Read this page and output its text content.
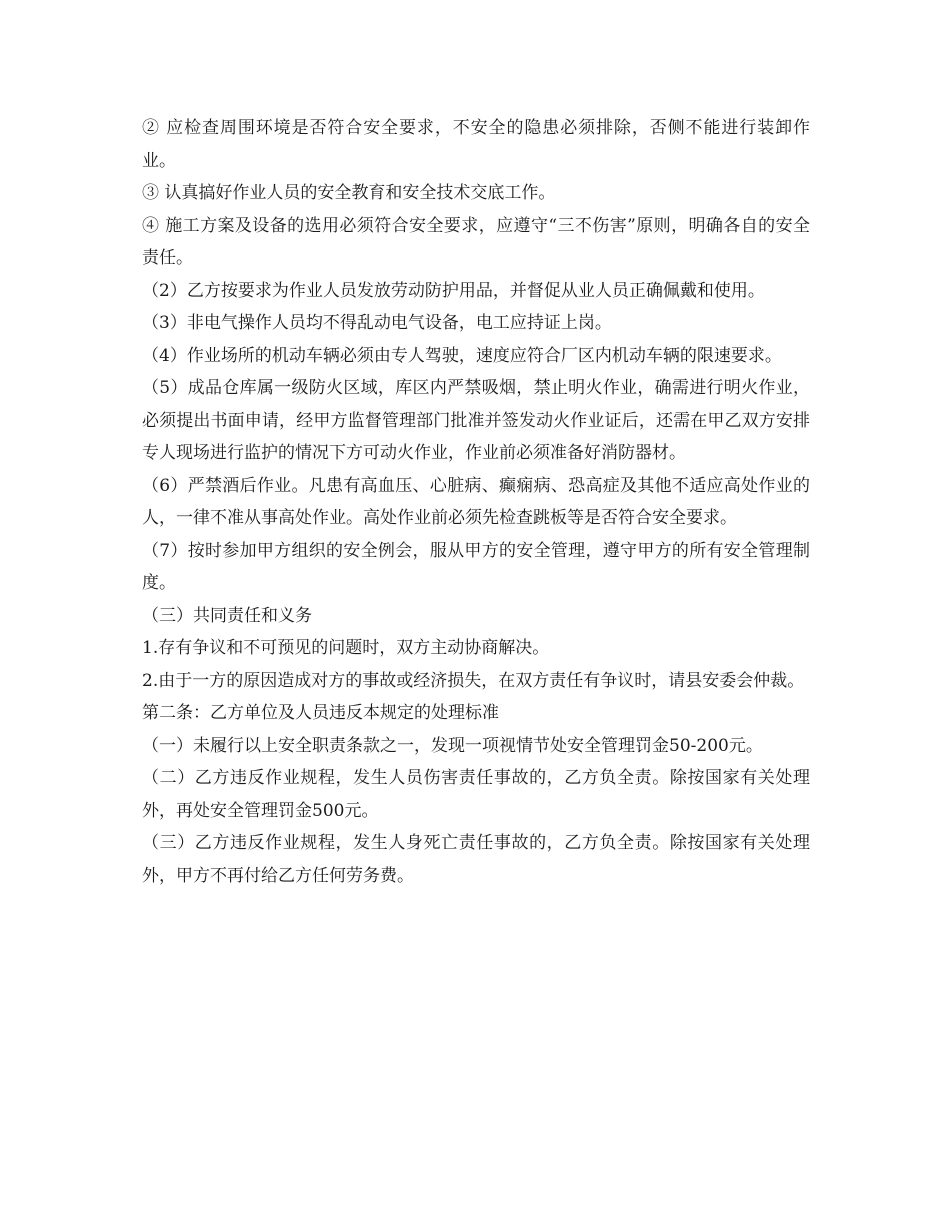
② 应检查周围环境是否符合安全要求，不安全的隐患必须排除，否侧不能进行装卸作业。

③ 认真搞好作业人员的安全教育和安全技术交底工作。

④ 施工方案及设备的选用必须符合安全要求，应遵守“三不伤害”原则，明确各自的安全责任。

（2）乙方按要求为作业人员发放劳动防护用品，并督促从业人员正确佩戴和使用。

（3）非电气操作人员均不得乱动电气设备，电工应持证上岗。

（4）作业场所的机动车辆必须由专人驾驶，速度应符合厂区内机动车辆的限速要求。

（5）成品仓库属一级防火区域，库区内严禁吸烟，禁止明火作业，确需进行明火作业，必须提出书面申请，经甲方监督管理部门批准并签发动火作业证后，还需在甲乙双方安排专人现场进行监护的情况下方可动火作业，作业前必须准备好消防器材。

（6）严禁酒后作业。凡患有高血压、心脏病、癫痫病、恐高症及其他不适应高处作业的人，一律不准从事高处作业。高处作业前必须先检查跳板等是否符合安全要求。

（7）按时参加甲方组织的安全例会，服从甲方的安全管理，遵守甲方的所有安全管理制度。

（三）共同责任和义务

1.存有争议和不可预见的问题时，双方主动协商解决。

2.由于一方的原因造成对方的事故或经济损失，在双方责任有争议时，请县安委会仲裁。

第二条：乙方单位及人员违反本规定的处理标准

（一）未履行以上安全职责条款之一，发现一项视情节处安全管理罚金50-200元。

（二）乙方违反作业规程，发生人员伤害责任事故的，乙方负全责。除按国家有关处理外，再处安全管理罚金500元。

（三）乙方违反作业规程，发生人身死亡责任事故的，乙方负全责。除按国家有关处理外，甲方不再付给乙方任何劳务费。
